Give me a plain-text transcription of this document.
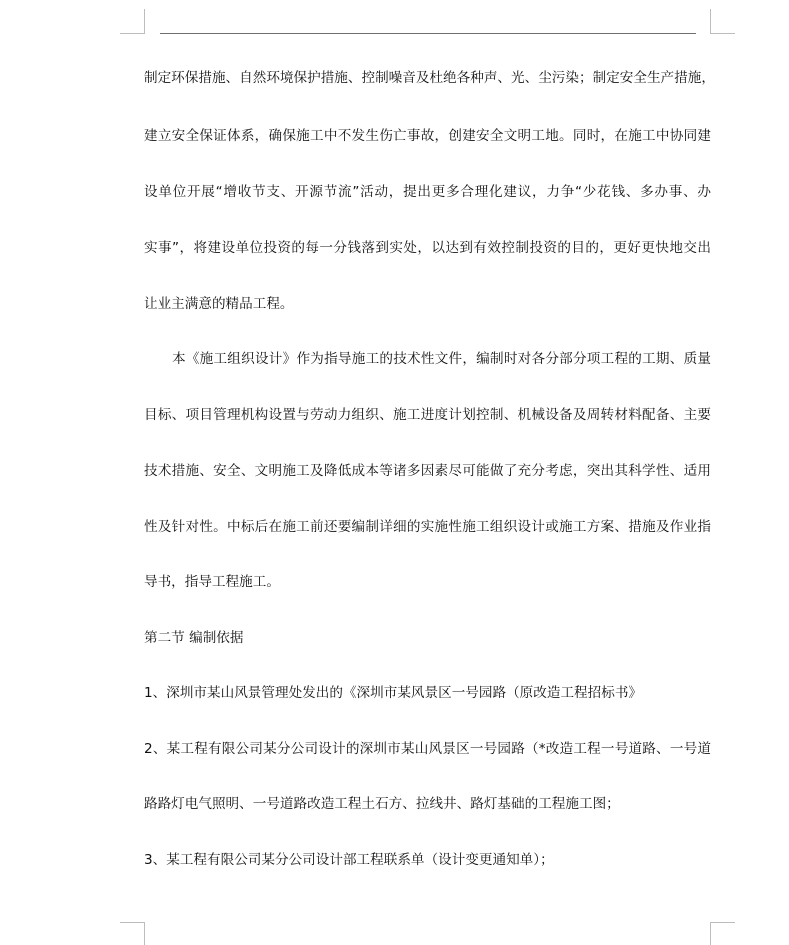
制定环保措施、自然环境保护措施、控制噪音及杜绝各种声、光、尘污染；制定安全生产措施，
建立安全保证体系，确保施工中不发生伤亡事故，创建安全文明工地。同时，在施工中协同建
设单位开展“增收节支、开源节流”活动，提出更多合理化建议，力争“少花钱、多办事、办
实事”，将建设单位投资的每一分钱落到实处，以达到有效控制投资的目的，更好更快地交出
让业主满意的精品工程。
本《施工组织设计》作为指导施工的技术性文件，编制时对各分部分项工程的工期、质量
目标、项目管理机构设置与劳动力组织、施工进度计划控制、机械设备及周转材料配备、主要
技术措施、安全、文明施工及降低成本等诸多因素尽可能做了充分考虑，突出其科学性、适用
性及针对性。中标后在施工前还要编制详细的实施性施工组织设计或施工方案、措施及作业指
导书，指导工程施工。
第二节 编制依据
1、深圳市某山风景管理处发出的《深圳市某风景区一号园路（原改造工程招标书》
2、某工程有限公司某分公司设计的深圳市某山风景区一号园路（*改造工程一号道路、一号道
路路灯电气照明、一号道路改造工程土石方、拉线井、路灯基础的工程施工图；
3、某工程有限公司某分公司设计部工程联系单（设计变更通知单）；
